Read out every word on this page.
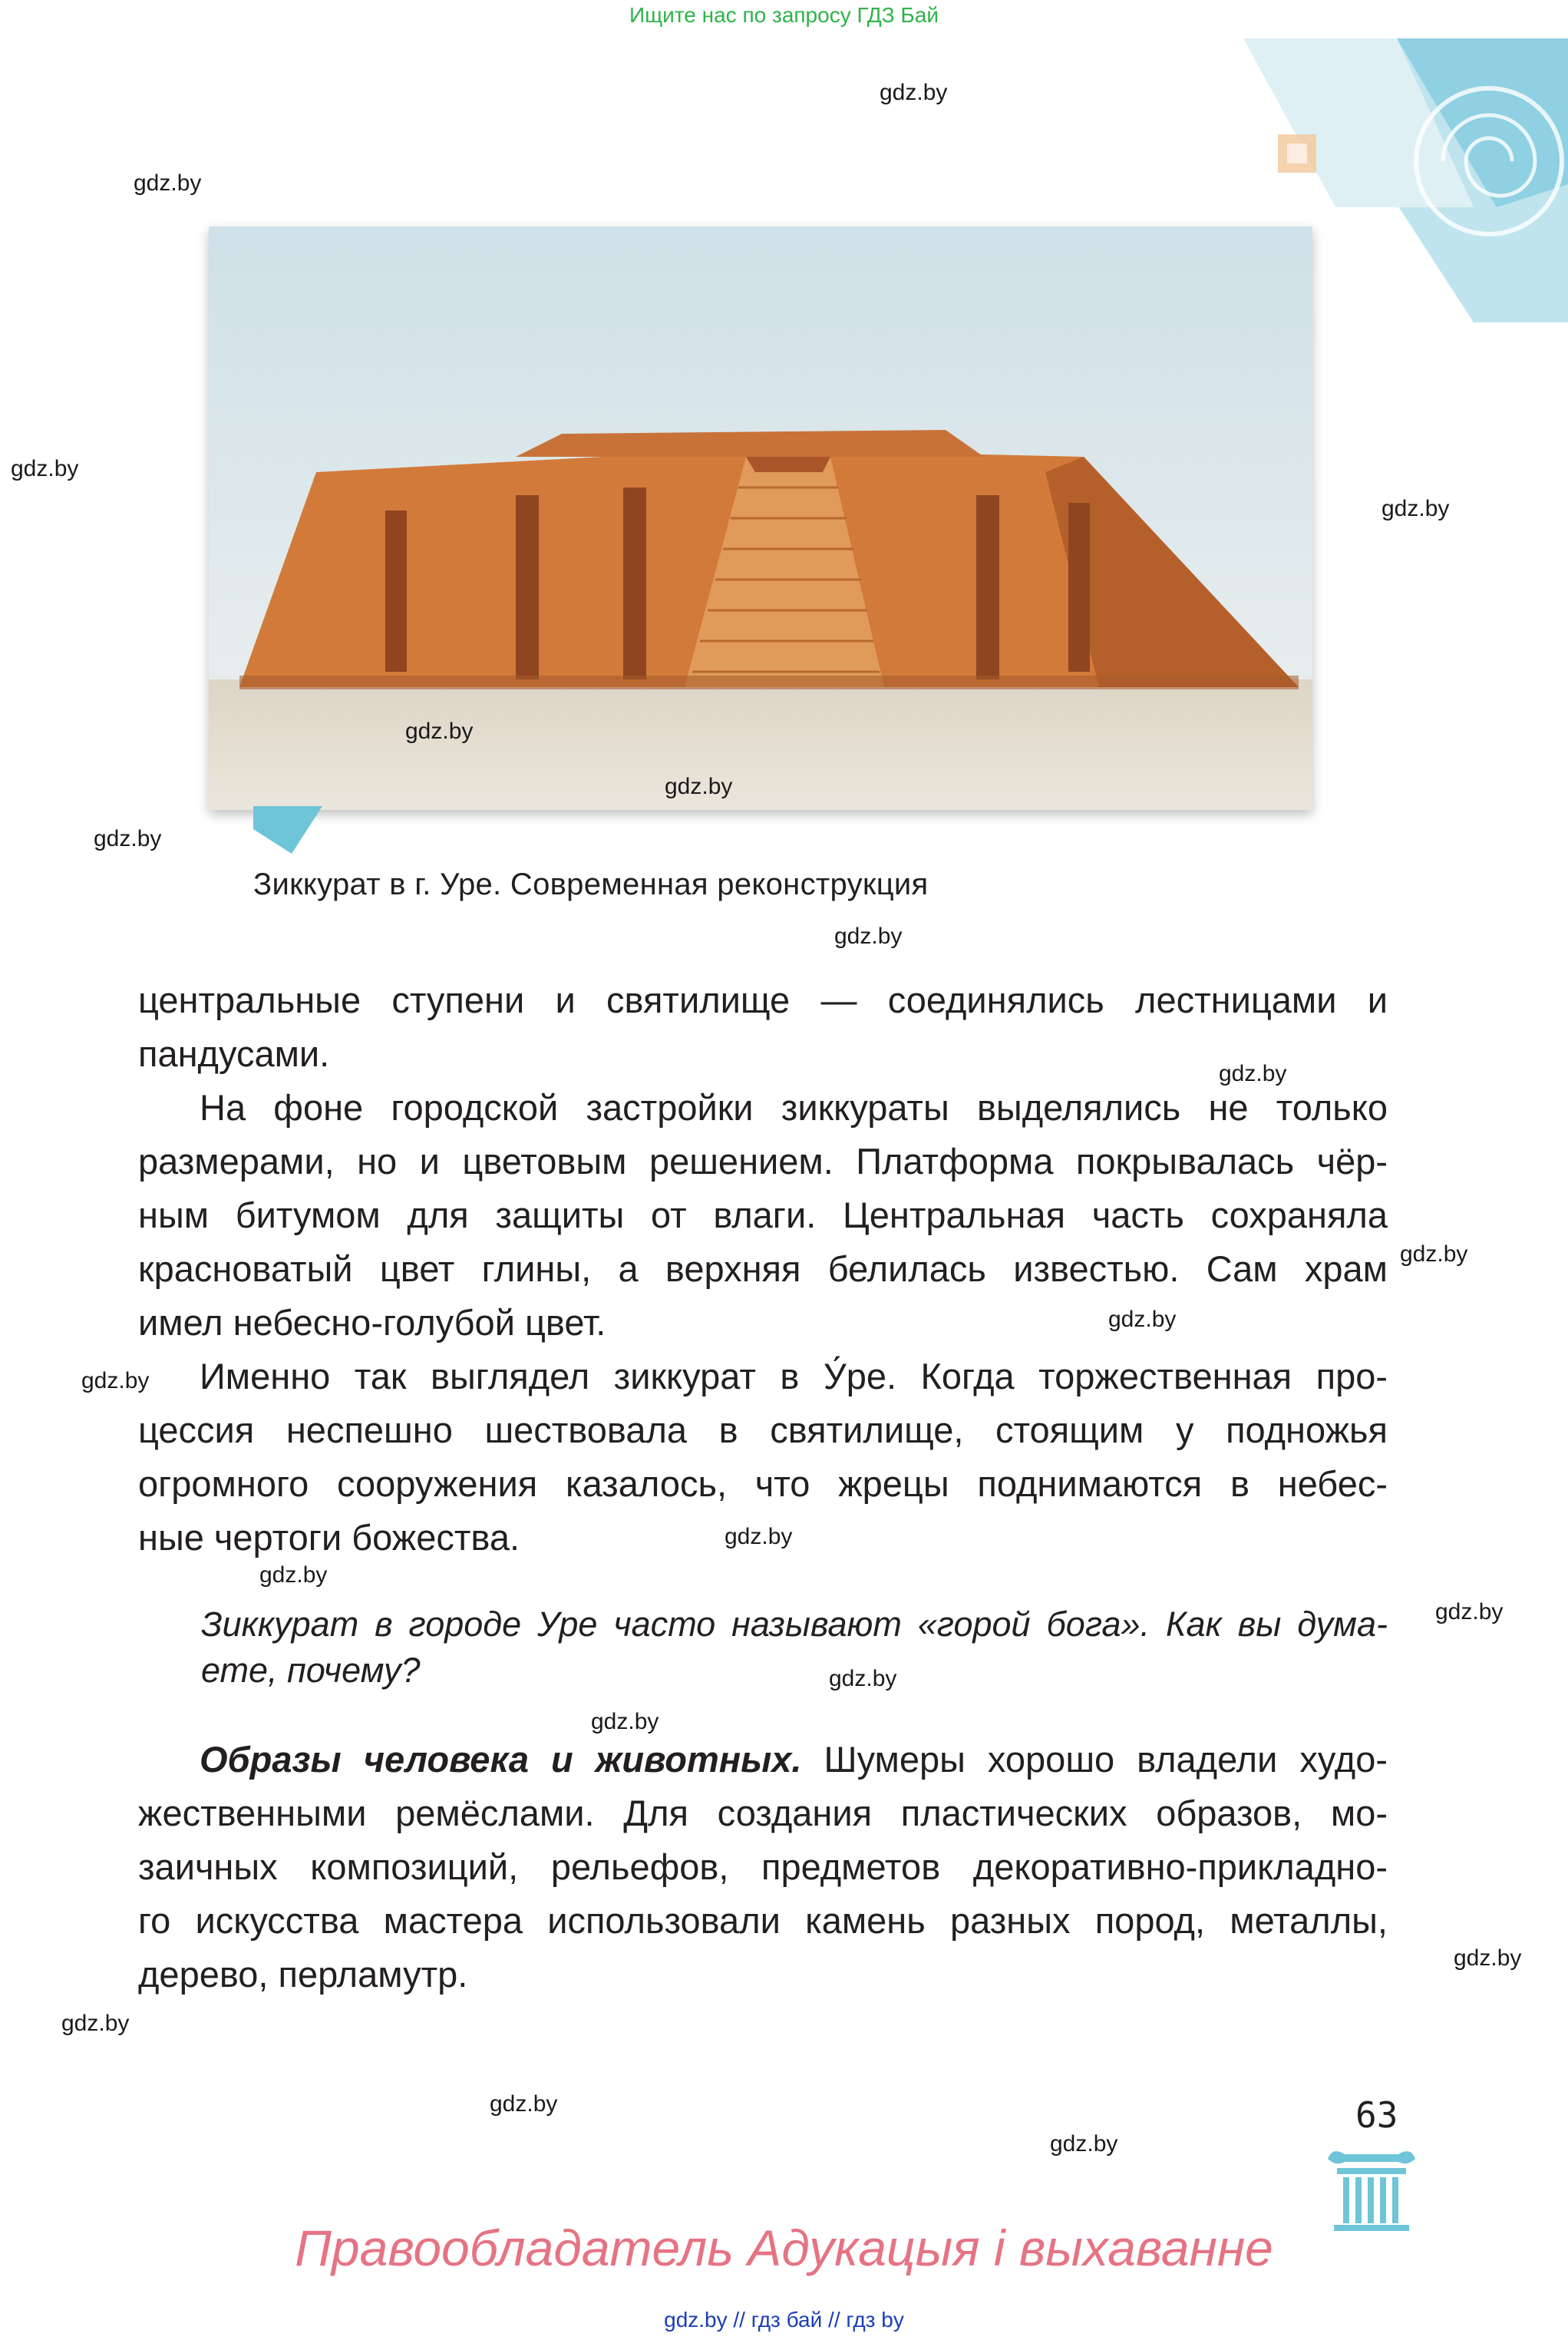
Ищите нас по запросу ГДЗ Бай
gdz.by
gdz.by
gdz.by
gdz.by
gdz.by
gdz.by
gdz.by
Зиккурат в г. Уре. Современная реконструкция
gdz.by
центральные ступени и святилище — соединялись лестницами и
пандусами.	gdz.by
На фоне городской застройки зиккураты выделялись не только
размерами, но и цветовым решением. Платформа покрывалась чёр-
ным битумом для защиты от влаги. Центральная часть сохраняла
красноватый цвет глины, а верхняя белилась известью. Сам храм
имел небесно-голубой цвет.
gdz.by
gdz.by
Именно так выглядел зиккурат в У́ре. Когда торжественная про-
цессия неспешно шествовала в святилище, стоящим у подножья
огромного сооружения казалось, что жрецы поднимаются в небес-
ные чертоги божества.
gdz.by
gdz.by
gdz.by
Зиккурат в городе Уре часто называют «горой бога». Как вы дума-
ете, почему?
gdz.by
gdz.by
gdz.by
Образы человека и животных. Шумеры хорошо владели худо-
жественными ремёслами. Для создания пластических образов, мо-
заичных композиций, рельефов, предметов декоративно-прикладно-
го искусства мастера использовали камень разных пород, металлы,
дерево, перламутр.	gdz.by
gdz.by
gdz.by
gdz.by
63
Правообладатель Адукацыя і выхаванне
gdz.by // гдз бай // гдз by
